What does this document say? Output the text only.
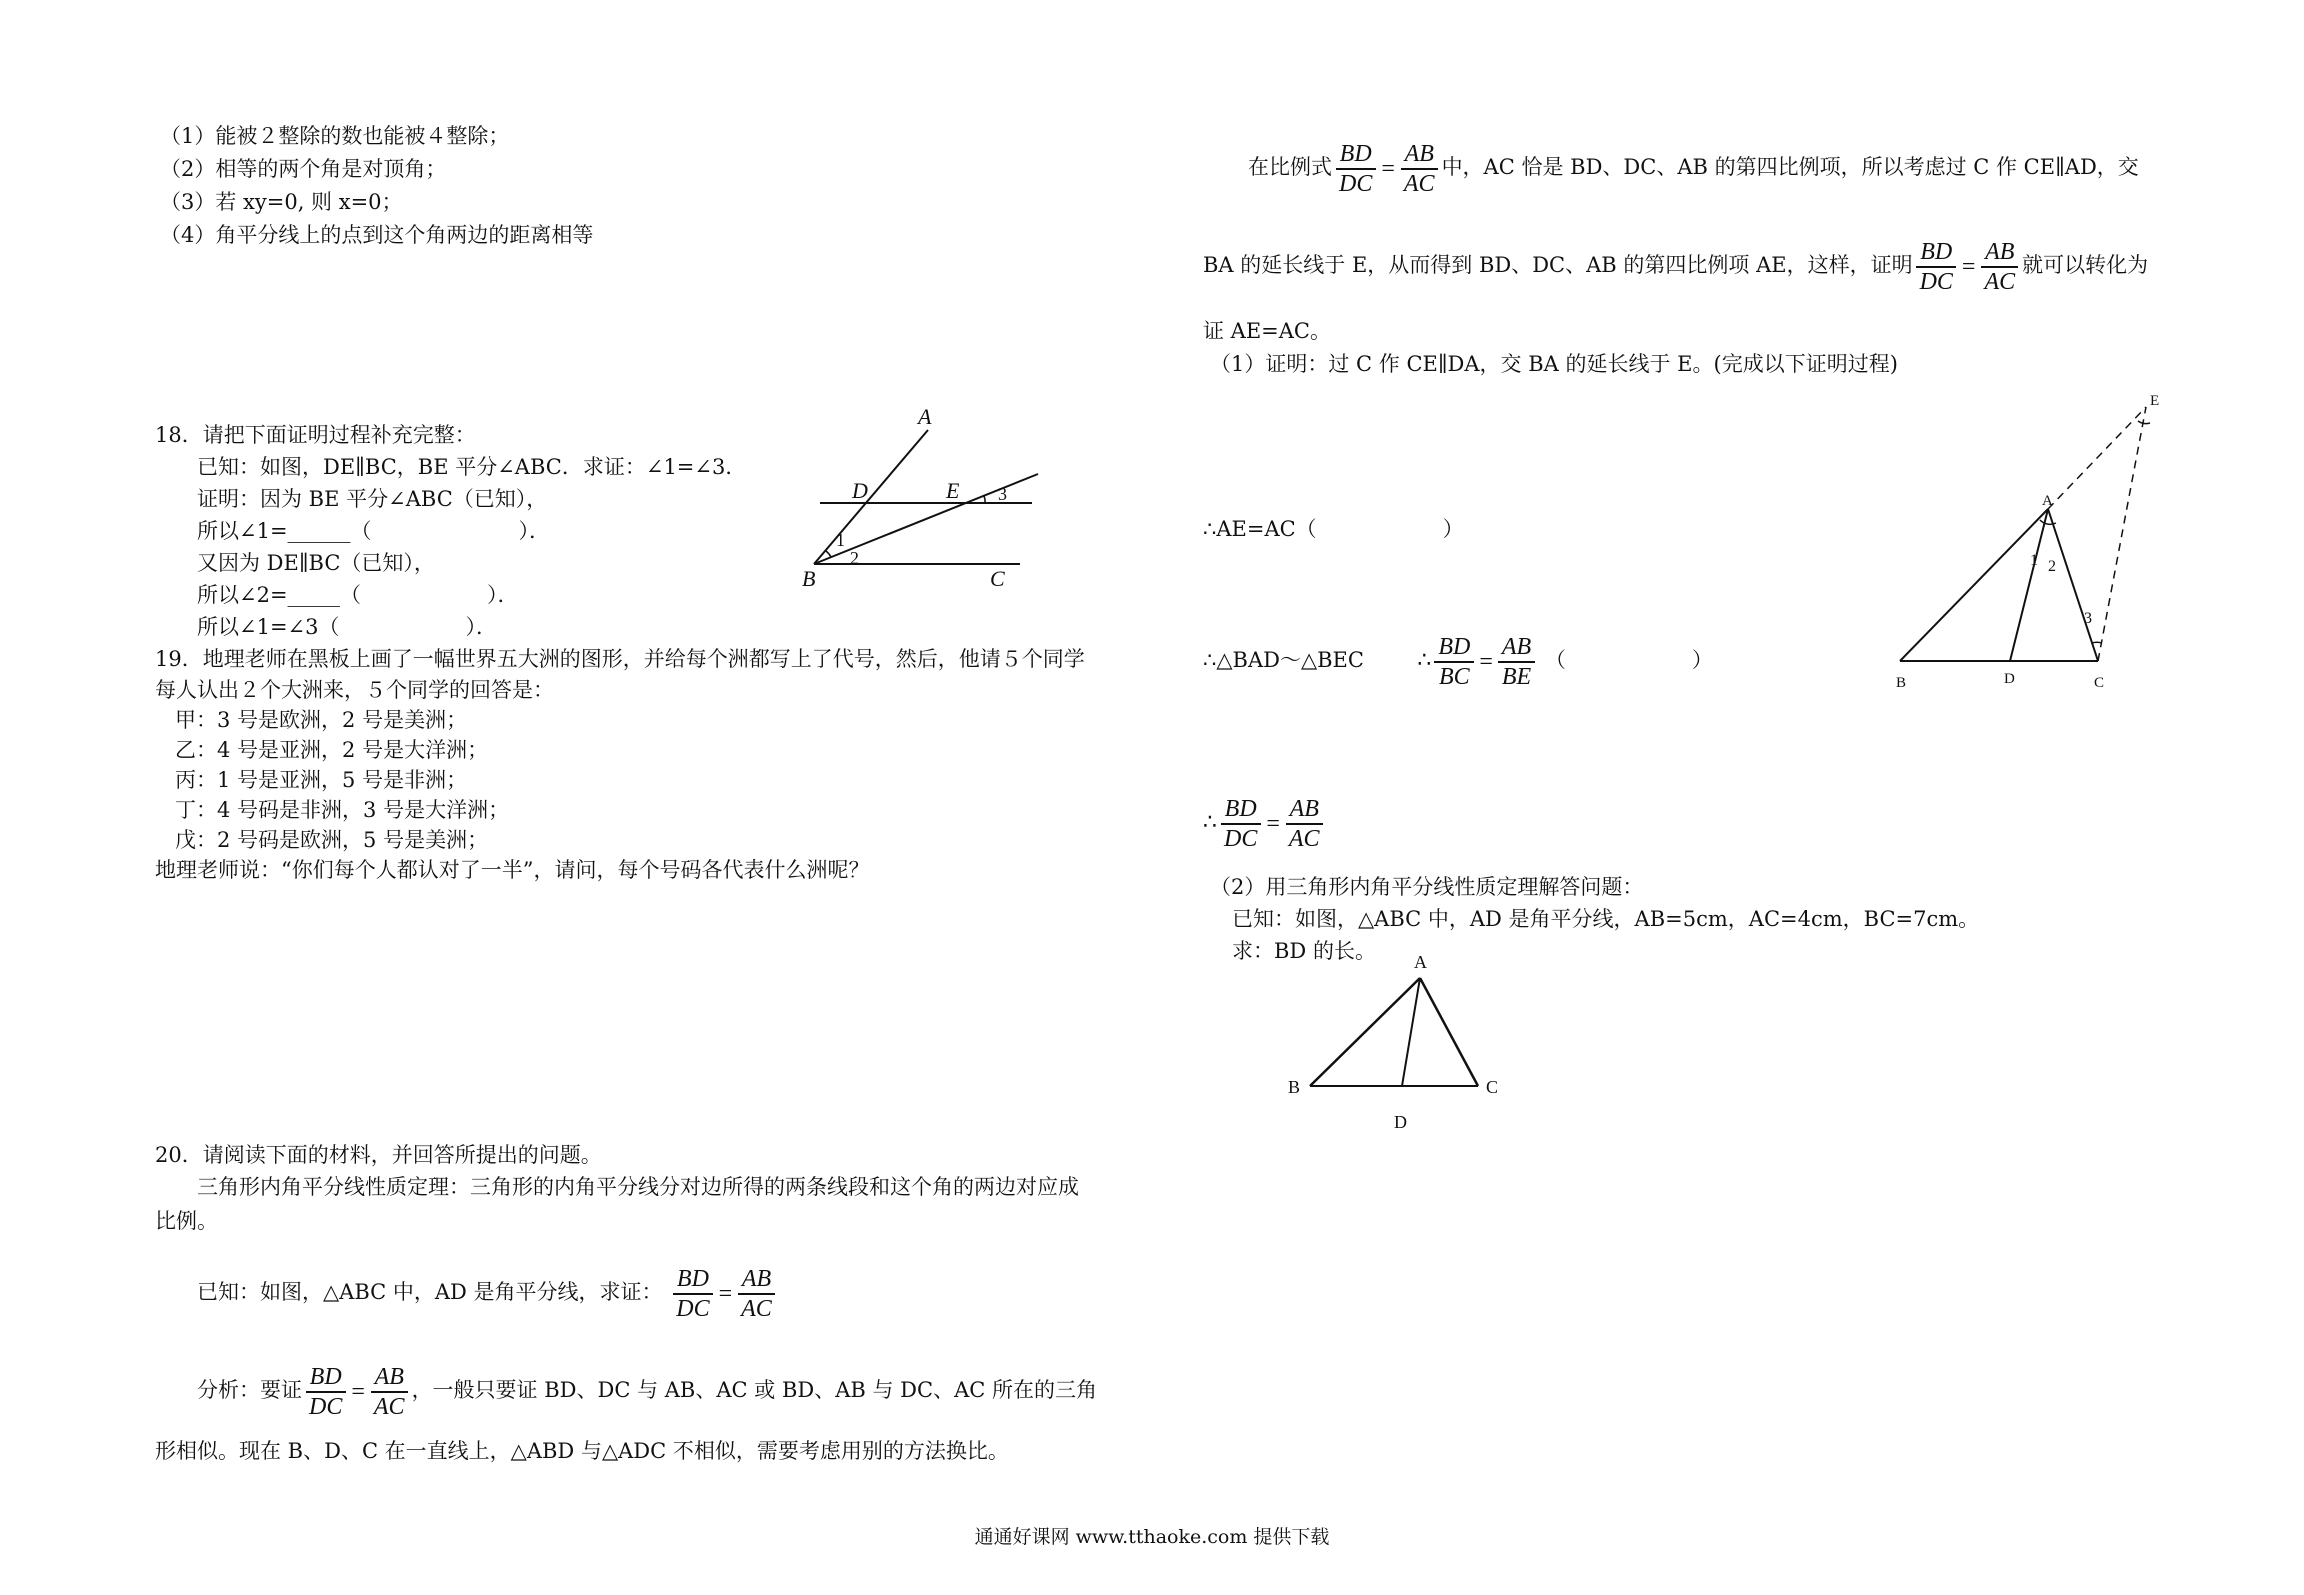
（1）能被２整除的数也能被４整除；
（2）相等的两个角是对顶角；
（3）若 xy=0, 则 x=0；
（4）角平分线上的点到这个角两边的距离相等
18．请把下面证明过程补充完整：
已知：如图，DE∥BC，BE 平分∠ABC．求证：∠1=∠3．
证明：因为 BE 平分∠ABC（已知），
所以∠1=______（　　　　　　　）．
又因为 DE∥BC（已知），
所以∠2=_____（　　　　　　）．
所以∠1=∠3（　　　　　　）．
A
B	C
D	E
1
2
3
19．地理老师在黑板上画了一幅世界五大洲的图形，并给每个洲都写上了代号，然后，他请５个同学
每人认出２个大洲来，５个同学的回答是：
甲：3 号是欧洲，2 号是美洲；
乙：4 号是亚洲，2 号是大洋洲；
丙：1 号是亚洲，5 号是非洲；
丁：4 号码是非洲，3 号是大洋洲；
戊：2 号码是欧洲，5 号是美洲；
地理老师说：“你们每个人都认对了一半”，请问，每个号码各代表什么洲呢？
20．请阅读下面的材料，并回答所提出的问题。
三角形内角平分线性质定理：三角形的内角平分线分对边所得的两条线段和这个角的两边对应成
比例。
已知：如图，△ABC 中，AD 是角平分线，求证： $\frac{BD}{DC} = \frac{AB}{AC}$
分析：要证 $\frac{BD}{DC} = \frac{AB}{AC}$ ，一般只要证 BD、DC 与 AB、AC 或 BD、AB 与 DC、AC 所在的三角
形相似。现在 B、D、C 在一直线上，△ABD 与△ADC 不相似，需要考虑用别的方法换比。
在比例式 $\frac{BD}{DC} = \frac{AB}{AC}$ 中，AC 恰是 BD、DC、AB 的第四比例项，所以考虑过 C 作 CE∥AD，交
BA 的延长线于 E，从而得到 BD、DC、AB 的第四比例项 AE，这样，证明 $\frac{BD}{DC} = \frac{AB}{AC}$ 就可以转化为
证 AE=AC。
（1）证明：过 C 作 CE∥DA，交 BA 的延长线于 E。(完成以下证明过程)
∴AE=AC（　　　　　　）
∴△BAD～△BEC ∴ $\frac{BD}{BC} = \frac{AB}{BE}$ （　　　　　　）
∴ $\frac{BD}{DC} = \frac{AB}{AC}$
A
B	C
D
E
1 2
3
（2）用三角形内角平分线性质定理解答问题：
已知：如图，△ABC 中，AD 是角平分线，AB=5cm，AC=4cm，BC=7cm。
求：BD 的长。 A
B	C
D
通通好课网 www.tthaoke.com 提供下载
